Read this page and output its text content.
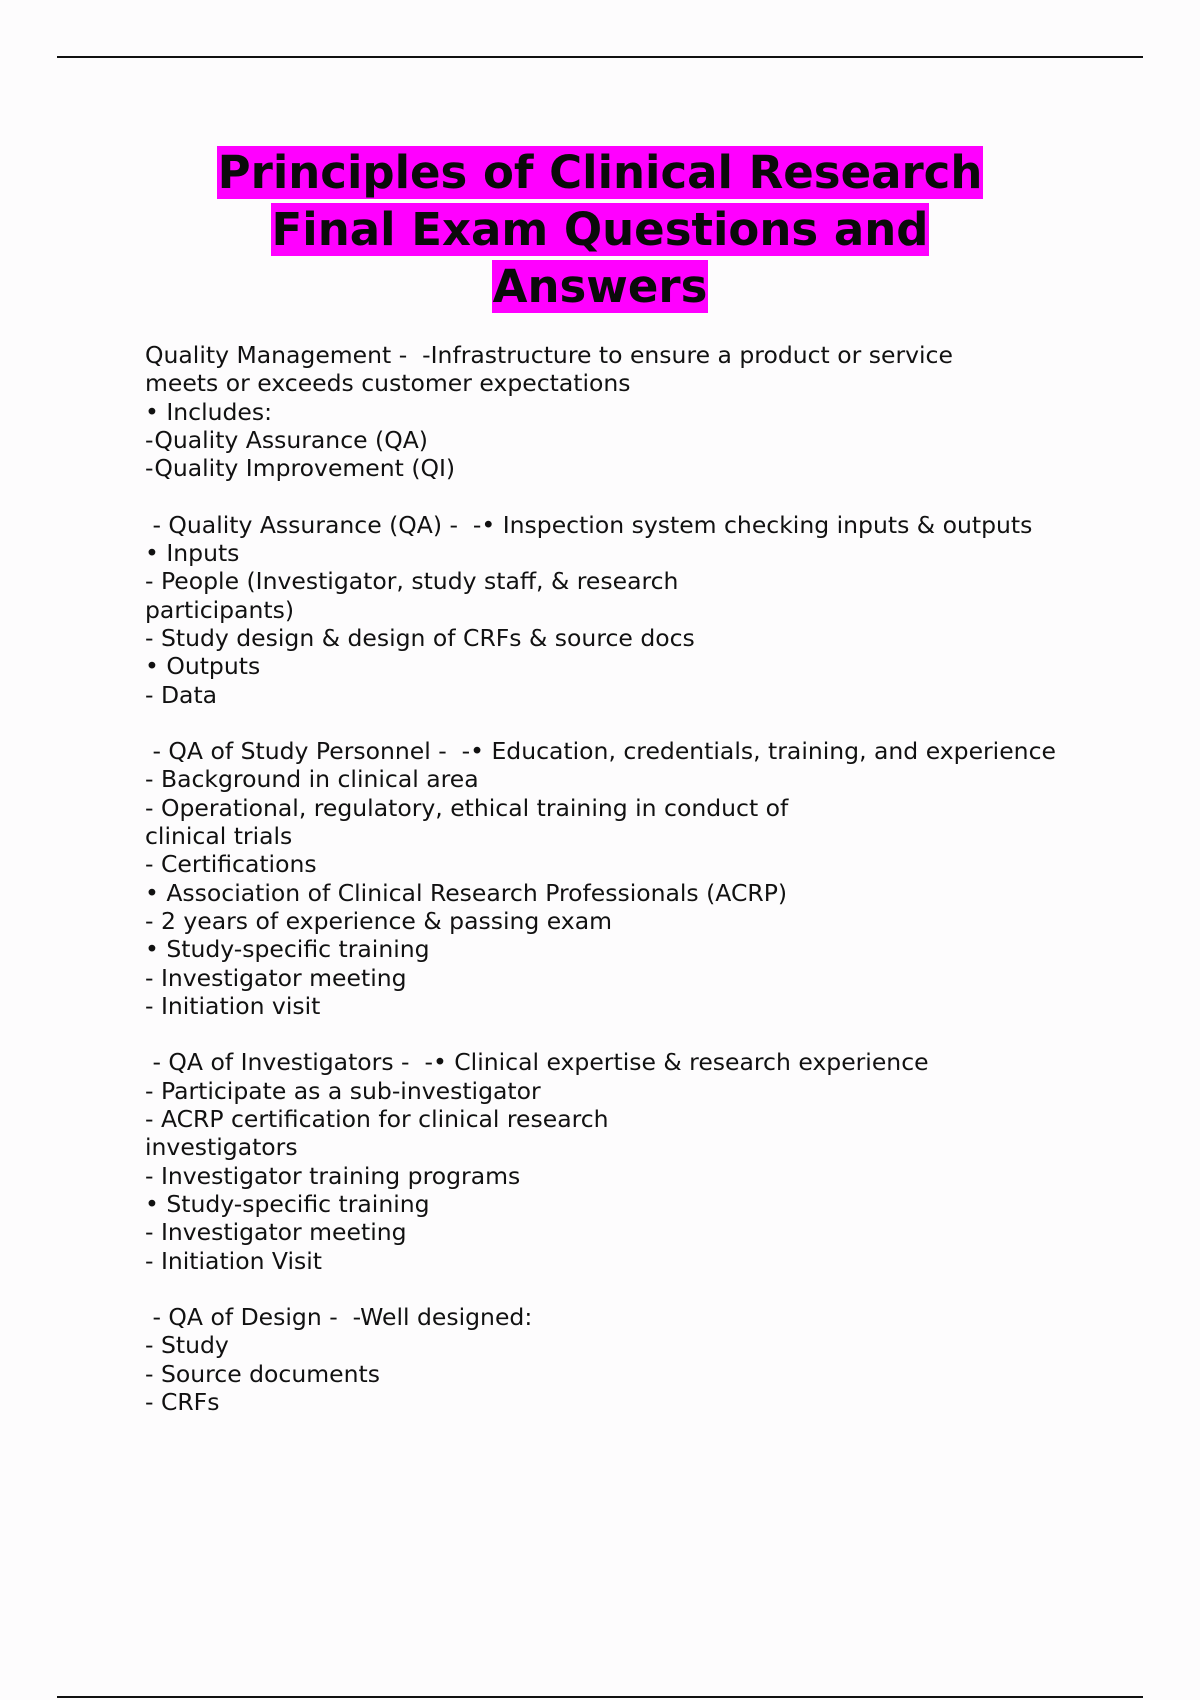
Principles of Clinical Research
Final Exam Questions and
Answers
Quality Management -  -Infrastructure to ensure a product or service
meets or exceeds customer expectations
• Includes:
-Quality Assurance (QA)
-Quality Improvement (QI)
- Quality Assurance (QA) -  -• Inspection system checking inputs & outputs
• Inputs
- People (Investigator, study staff, & research
participants)
- Study design & design of CRFs & source docs
• Outputs
- Data
- QA of Study Personnel -  -• Education, credentials, training, and experience
- Background in clinical area
- Operational, regulatory, ethical training in conduct of
clinical trials
- Certifications
• Association of Clinical Research Professionals (ACRP)
- 2 years of experience & passing exam
• Study-specific training
- Investigator meeting
- Initiation visit
- QA of Investigators -  -• Clinical expertise & research experience
- Participate as a sub-investigator
- ACRP certification for clinical research
investigators
- Investigator training programs
• Study-specific training
- Investigator meeting
- Initiation Visit
- QA of Design -  -Well designed:
- Study
- Source documents
- CRFs
